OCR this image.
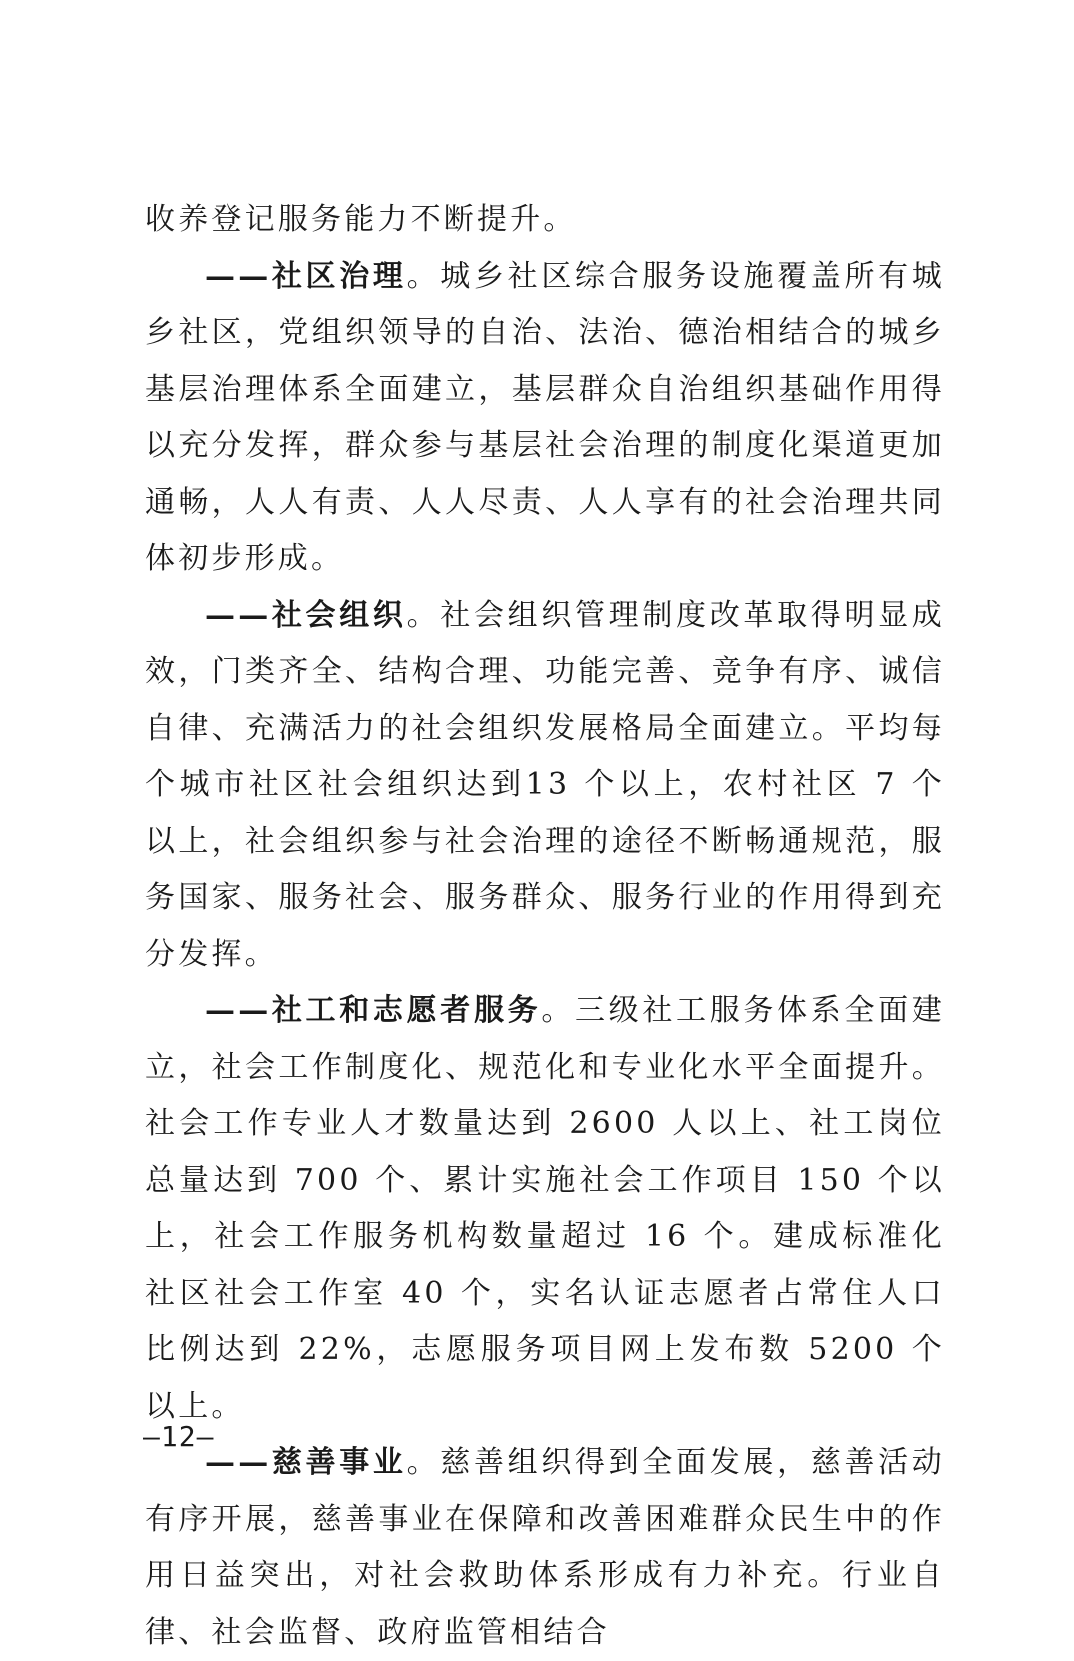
收养登记服务能力不断提升。

——社区治理。城乡社区综合服务设施覆盖所有城乡社区，党组织领导的自治、法治、德治相结合的城乡基层治理体系全面建立，基层群众自治组织基础作用得以充分发挥，群众参与基层社会治理的制度化渠道更加通畅，人人有责、人人尽责、人人享有的社会治理共同体初步形成。

——社会组织。社会组织管理制度改革取得明显成效，门类齐全、结构合理、功能完善、竞争有序、诚信自律、充满活力的社会组织发展格局全面建立。平均每个城市社区社会组织达到13 个以上，农村社区 7 个以上，社会组织参与社会治理的途径不断畅通规范，服务国家、服务社会、服务群众、服务行业的作用得到充分发挥。

——社工和志愿者服务。三级社工服务体系全面建立，社会工作制度化、规范化和专业化水平全面提升。社会工作专业人才数量达到 2600 人以上、社工岗位总量达到 700 个、累计实施社会工作项目 150 个以上，社会工作服务机构数量超过 16 个。建成标准化社区社会工作室 40 个，实名认证志愿者占常住人口比例达到 22%，志愿服务项目网上发布数 5200 个以上。

——慈善事业。慈善组织得到全面发展，慈善活动有序开展，慈善事业在保障和改善困难群众民生中的作用日益突出，对社会救助体系形成有力补充。行业自律、社会监督、政府监管相结合

—12—
